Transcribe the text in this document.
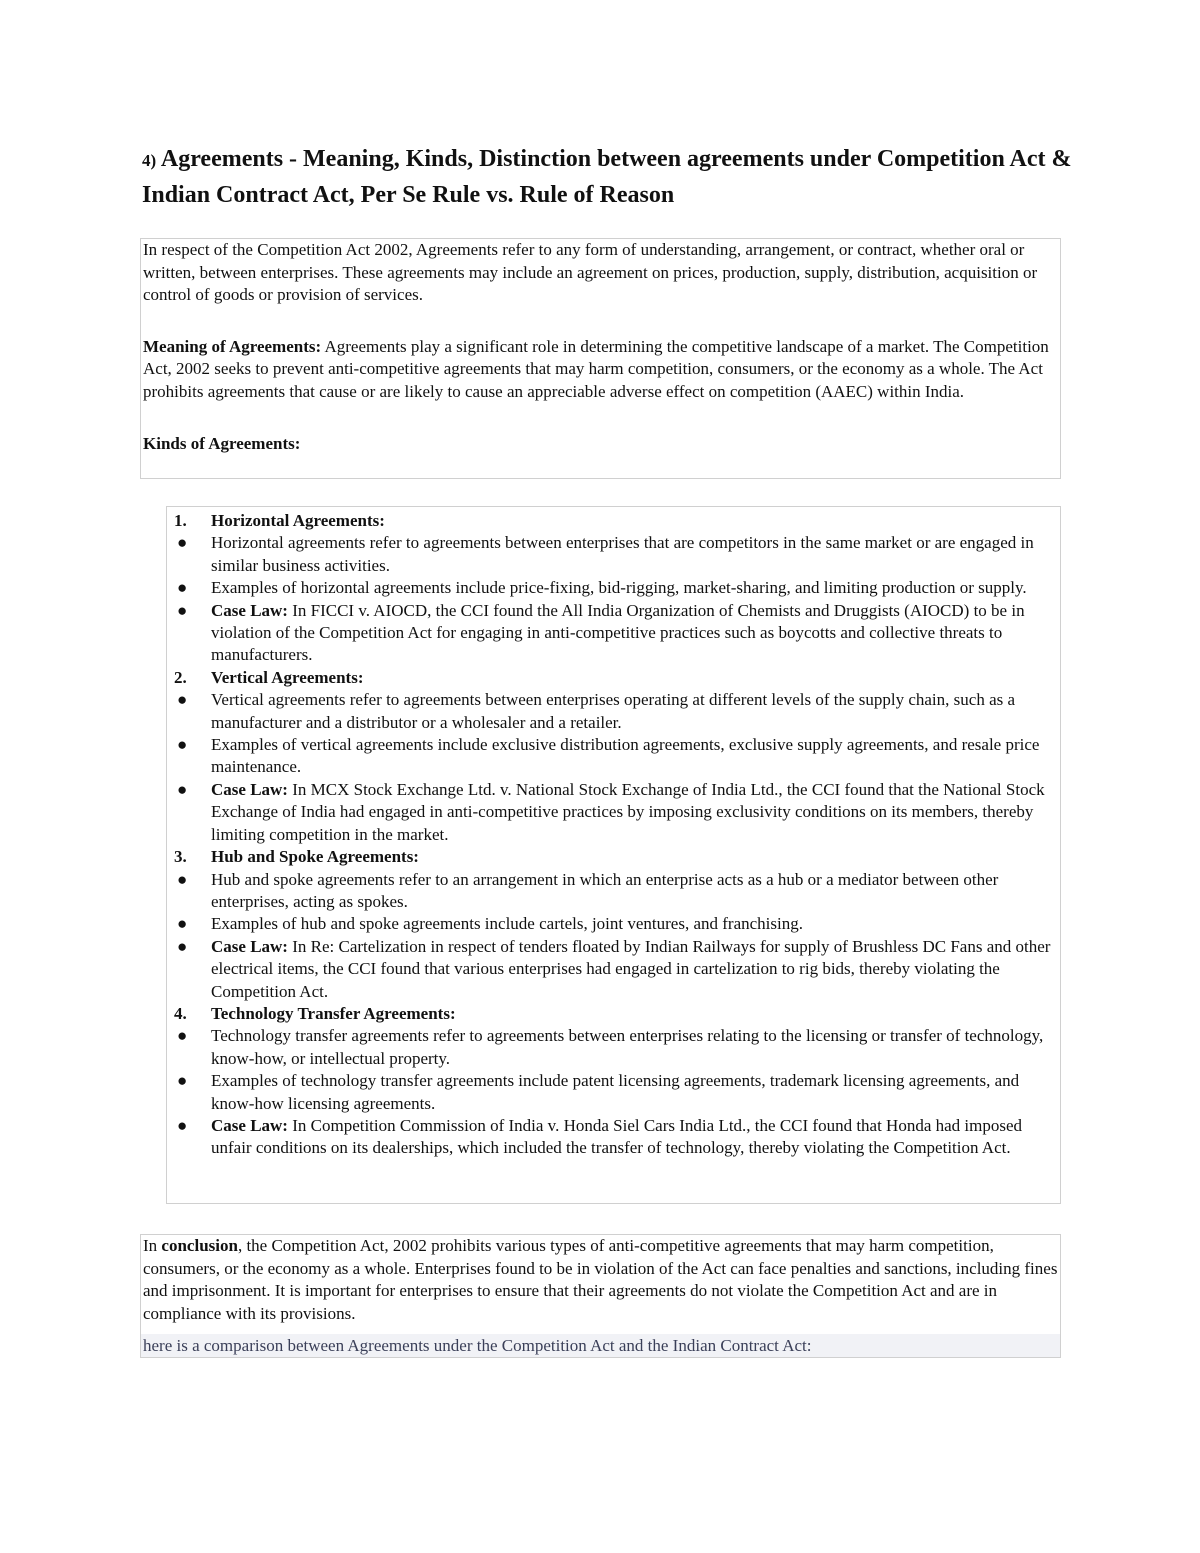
4) Agreements - Meaning, Kinds, Distinction between agreements under Competition Act & Indian Contract Act, Per Se Rule vs. Rule of Reason

In respect of the Competition Act 2002, Agreements refer to any form of understanding, arrangement, or contract, whether oral or written, between enterprises. These agreements may include an agreement on prices, production, supply, distribution, acquisition or control of goods or provision of services.

Meaning of Agreements: Agreements play a significant role in determining the competitive landscape of a market. The Competition Act, 2002 seeks to prevent anti-competitive agreements that may harm competition, consumers, or the economy as a whole. The Act prohibits agreements that cause or are likely to cause an appreciable adverse effect on competition (AAEC) within India.

Kinds of Agreements:

1. Horizontal Agreements:
● Horizontal agreements refer to agreements between enterprises that are competitors in the same market or are engaged in similar business activities.
● Examples of horizontal agreements include price-fixing, bid-rigging, market-sharing, and limiting production or supply.
● Case Law: In FICCI v. AIOCD, the CCI found the All India Organization of Chemists and Druggists (AIOCD) to be in violation of the Competition Act for engaging in anti-competitive practices such as boycotts and collective threats to manufacturers.
2. Vertical Agreements:
● Vertical agreements refer to agreements between enterprises operating at different levels of the supply chain, such as a manufacturer and a distributor or a wholesaler and a retailer.
● Examples of vertical agreements include exclusive distribution agreements, exclusive supply agreements, and resale price maintenance.
● Case Law: In MCX Stock Exchange Ltd. v. National Stock Exchange of India Ltd., the CCI found that the National Stock Exchange of India had engaged in anti-competitive practices by imposing exclusivity conditions on its members, thereby limiting competition in the market.
3. Hub and Spoke Agreements:
● Hub and spoke agreements refer to an arrangement in which an enterprise acts as a hub or a mediator between other enterprises, acting as spokes.
● Examples of hub and spoke agreements include cartels, joint ventures, and franchising.
● Case Law: In Re: Cartelization in respect of tenders floated by Indian Railways for supply of Brushless DC Fans and other electrical items, the CCI found that various enterprises had engaged in cartelization to rig bids, thereby violating the Competition Act.
4. Technology Transfer Agreements:
● Technology transfer agreements refer to agreements between enterprises relating to the licensing or transfer of technology, know-how, or intellectual property.
● Examples of technology transfer agreements include patent licensing agreements, trademark licensing agreements, and know-how licensing agreements.
● Case Law: In Competition Commission of India v. Honda Siel Cars India Ltd., the CCI found that Honda had imposed unfair conditions on its dealerships, which included the transfer of technology, thereby violating the Competition Act.

In conclusion, the Competition Act, 2002 prohibits various types of anti-competitive agreements that may harm competition, consumers, or the economy as a whole. Enterprises found to be in violation of the Act can face penalties and sanctions, including fines and imprisonment. It is important for enterprises to ensure that their agreements do not violate the Competition Act and are in compliance with its provisions.

here is a comparison between Agreements under the Competition Act and the Indian Contract Act:
